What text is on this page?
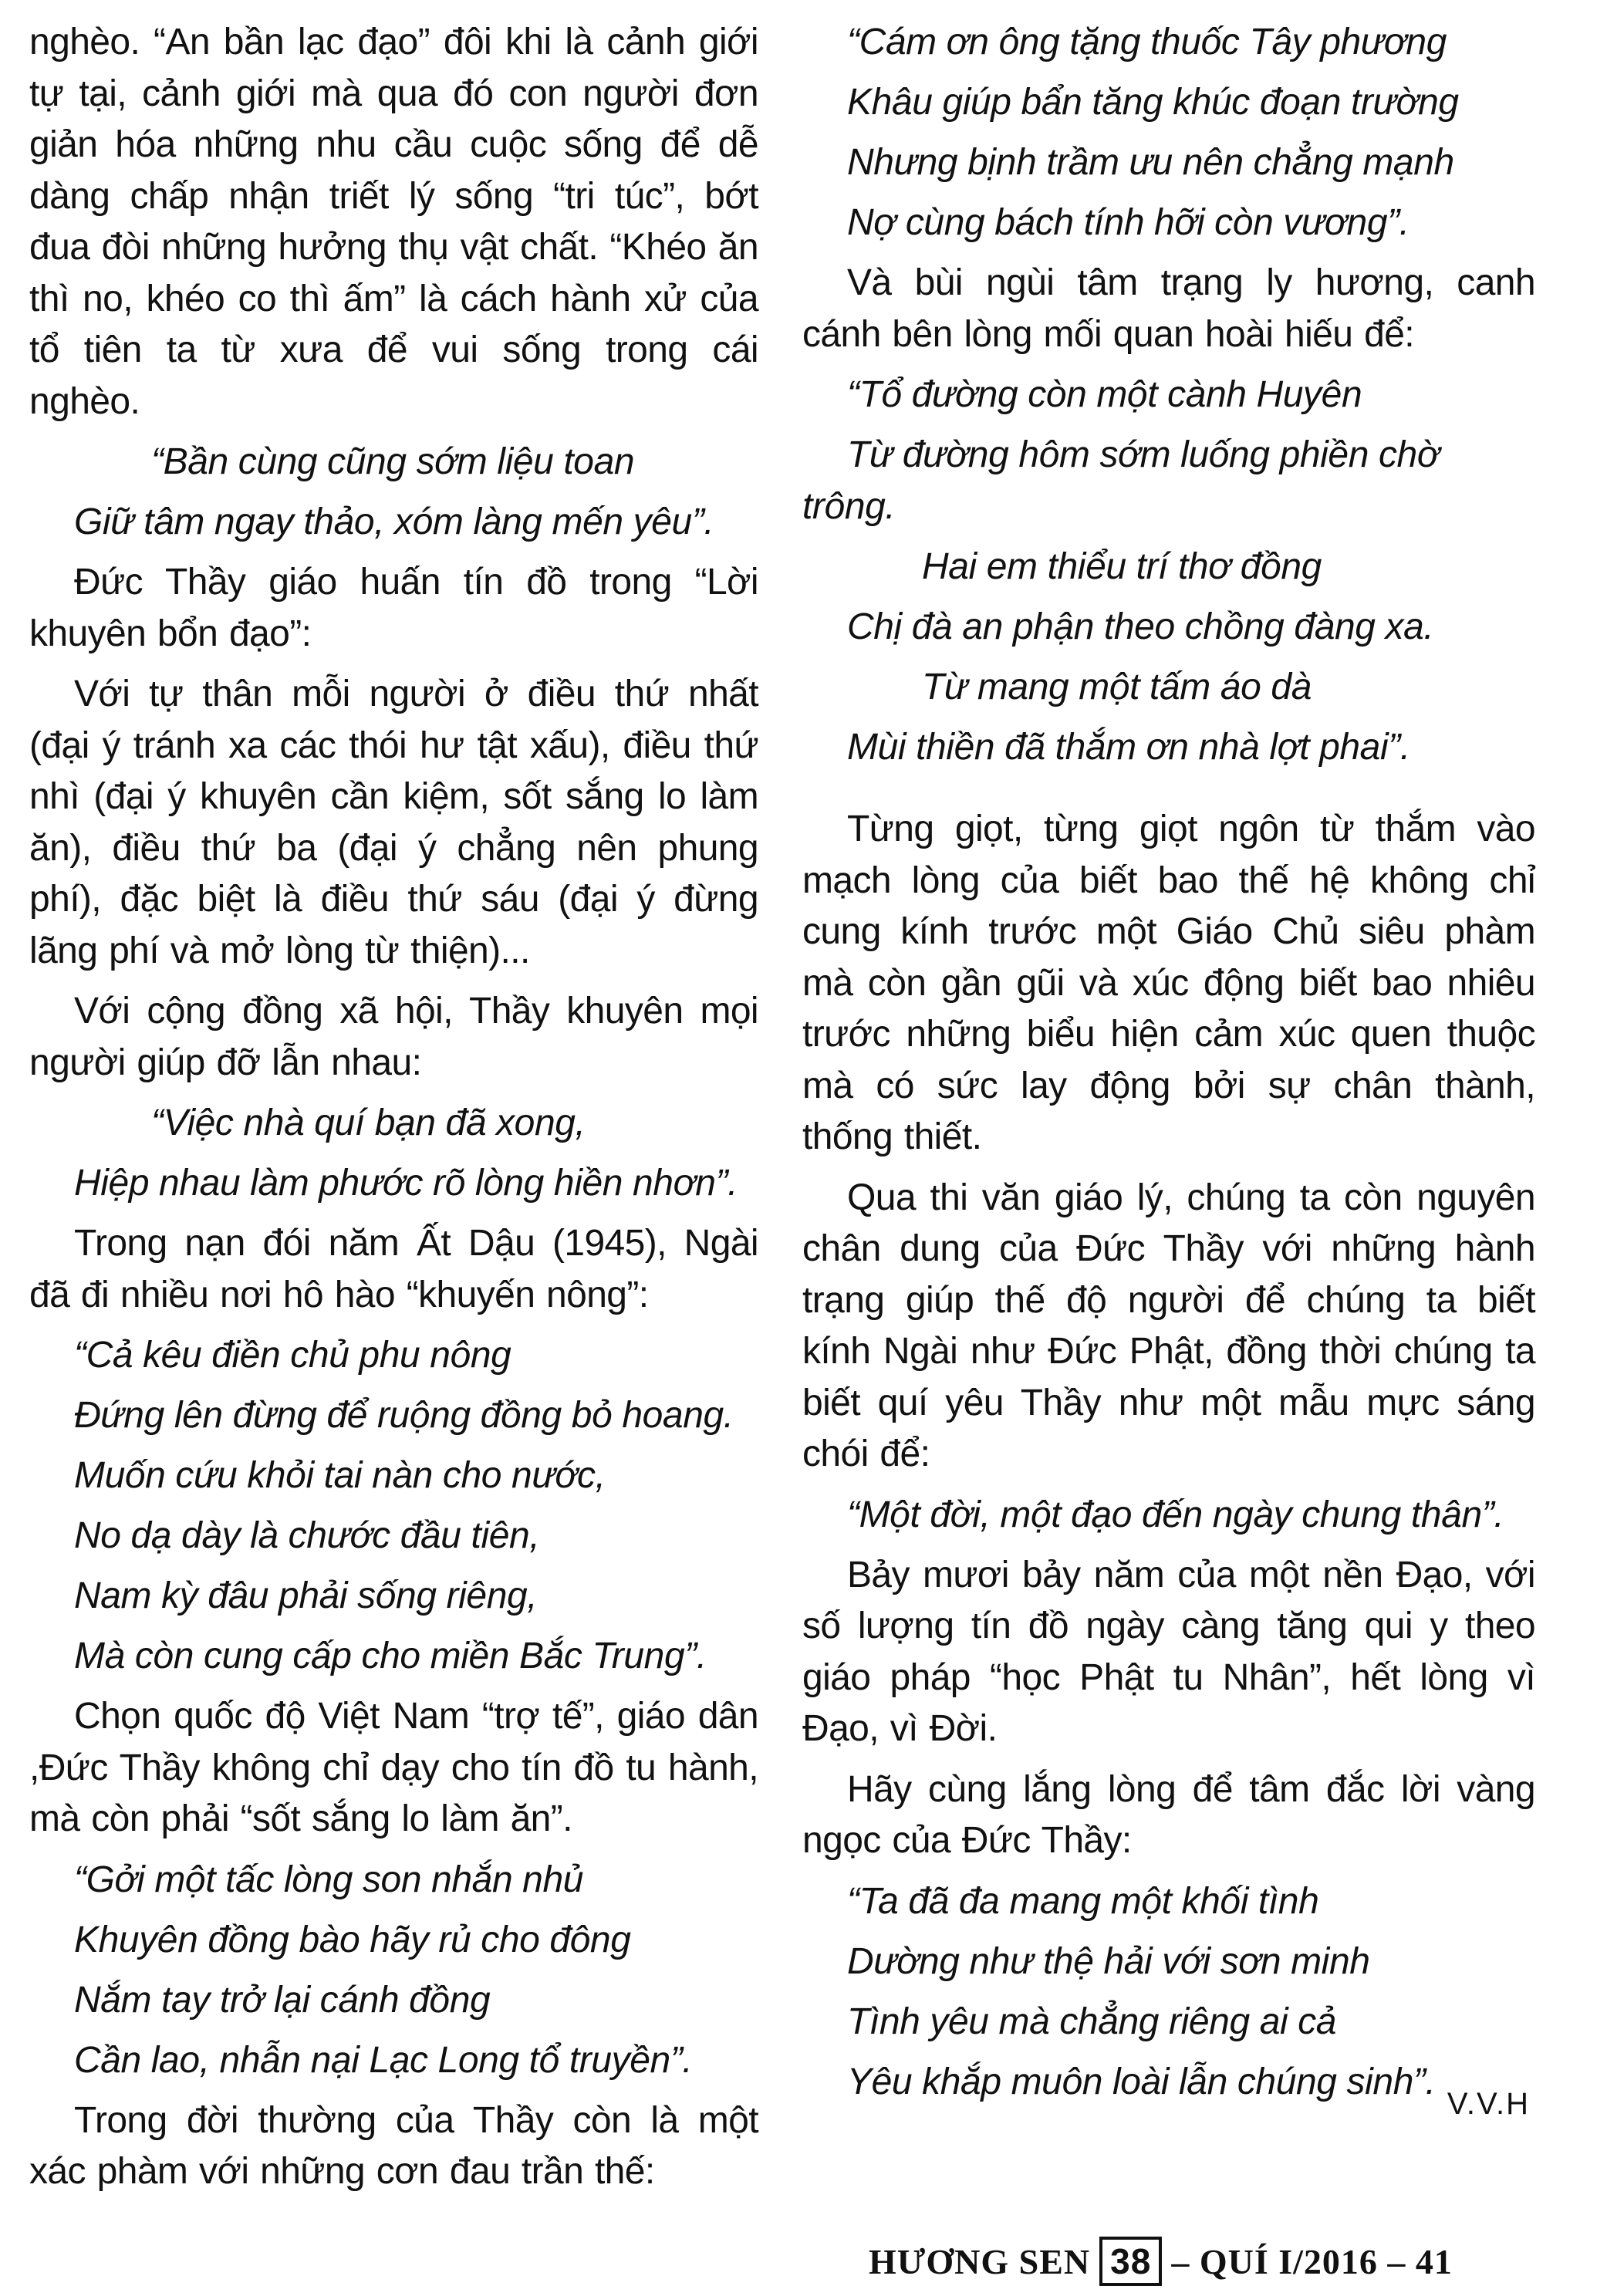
nghèo. “An bần lạc đạo” đôi khi là cảnh giới tự tại, cảnh giới mà qua đó con người đơn giản hóa những nhu cầu cuộc sống để dễ dàng chấp nhận triết lý sống “tri túc”, bớt đua đòi những hưởng thụ vật chất. “Khéo ăn thì no, khéo co thì ấm” là cách hành xử của tổ tiên ta từ xưa để vui sống trong cái nghèo.

“Bần cùng cũng sớm liệu toan
Giữ tâm ngay thảo, xóm làng mến yêu”.

Đức Thầy giáo huấn tín đồ trong “Lời khuyên bổn đạo”:

Với tự thân mỗi người ở điều thứ nhất (đại ý tránh xa các thói hư tật xấu), điều thứ nhì (đại ý khuyên cần kiệm, sốt sắng lo làm ăn), điều thứ ba (đại ý chẳng nên phung phí), đặc biệt là điều thứ sáu (đại ý đừng lãng phí và mở lòng từ thiện)...

Với cộng đồng xã hội, Thầy khuyên mọi người giúp đỡ lẫn nhau:

“Việc nhà quí bạn đã xong,
Hiệp nhau làm phước rõ lòng hiền nhơn”.

Trong nạn đói năm Ất Dậu (1945), Ngài đã đi nhiều nơi hô hào “khuyến nông”:

“Cả kêu điền chủ phu nông
Đứng lên đừng để ruộng đồng bỏ hoang.
Muốn cứu khỏi tai nàn cho nước,
No dạ dày là chước đầu tiên,
Nam kỳ đâu phải sống riêng,
Mà còn cung cấp cho miền Bắc Trung”.

Chọn quốc độ Việt Nam “trợ tế”, giáo dân ,Đức Thầy không chỉ dạy cho tín đồ tu hành, mà còn phải “sốt sắng lo làm ăn”.

“Gởi một tấc lòng son nhắn nhủ
Khuyên đồng bào hãy rủ cho đông
Nắm tay trở lại cánh đồng
Cần lao, nhẫn nại Lạc Long tổ truyền”.

Trong đời thường của Thầy còn là một xác phàm với những cơn đau trần thế:

“Cám ơn ông tặng thuốc Tây phương
Khâu giúp bẩn tăng khúc đoạn trường
Nhưng bịnh trầm ưu nên chẳng mạnh
Nợ cùng bách tính hỡi còn vương”.

Và bùi ngùi tâm trạng ly hương, canh cánh bên lòng mối quan hoài hiếu để:

“Tổ đường còn một cành Huyên
Từ đường hôm sớm luống phiền chờ trông.
Hai em thiểu trí thơ đồng
Chị đà an phận theo chồng đàng xa.
Từ mang một tấm áo dà
Mùi thiền đã thắm ơn nhà lợt phai”.

Từng giọt, từng giọt ngôn từ thắm vào mạch lòng của biết bao thế hệ không chỉ cung kính trước một Giáo Chủ siêu phàm mà còn gần gũi và xúc động biết bao nhiêu trước những biểu hiện cảm xúc quen thuộc mà có sức lay động bởi sự chân thành, thống thiết.

Qua thi văn giáo lý, chúng ta còn nguyên chân dung của Đức Thầy với những hành trạng giúp thế độ người để chúng ta biết kính Ngài như Đức Phật, đồng thời chúng ta biết quí yêu Thầy như một mẫu mực sáng chói để:

“Một đời, một đạo đến ngày chung thân”.

Bảy mươi bảy năm của một nền Đạo, với số lượng tín đồ ngày càng tăng qui y theo giáo pháp “học Phật tu Nhân”, hết lòng vì Đạo, vì Đời.

Hãy cùng lắng lòng để tâm đắc lời vàng ngọc của Đức Thầy:

“Ta đã đa mang một khối tình
Dường như thệ hải với sơn minh
Tình yêu mà chẳng riêng ai cả
Yêu khắp muôn loài lẫn chúng sinh”.
V.V.H
HƯƠNG SEN 38 – QUÍ I/2016 – 41
